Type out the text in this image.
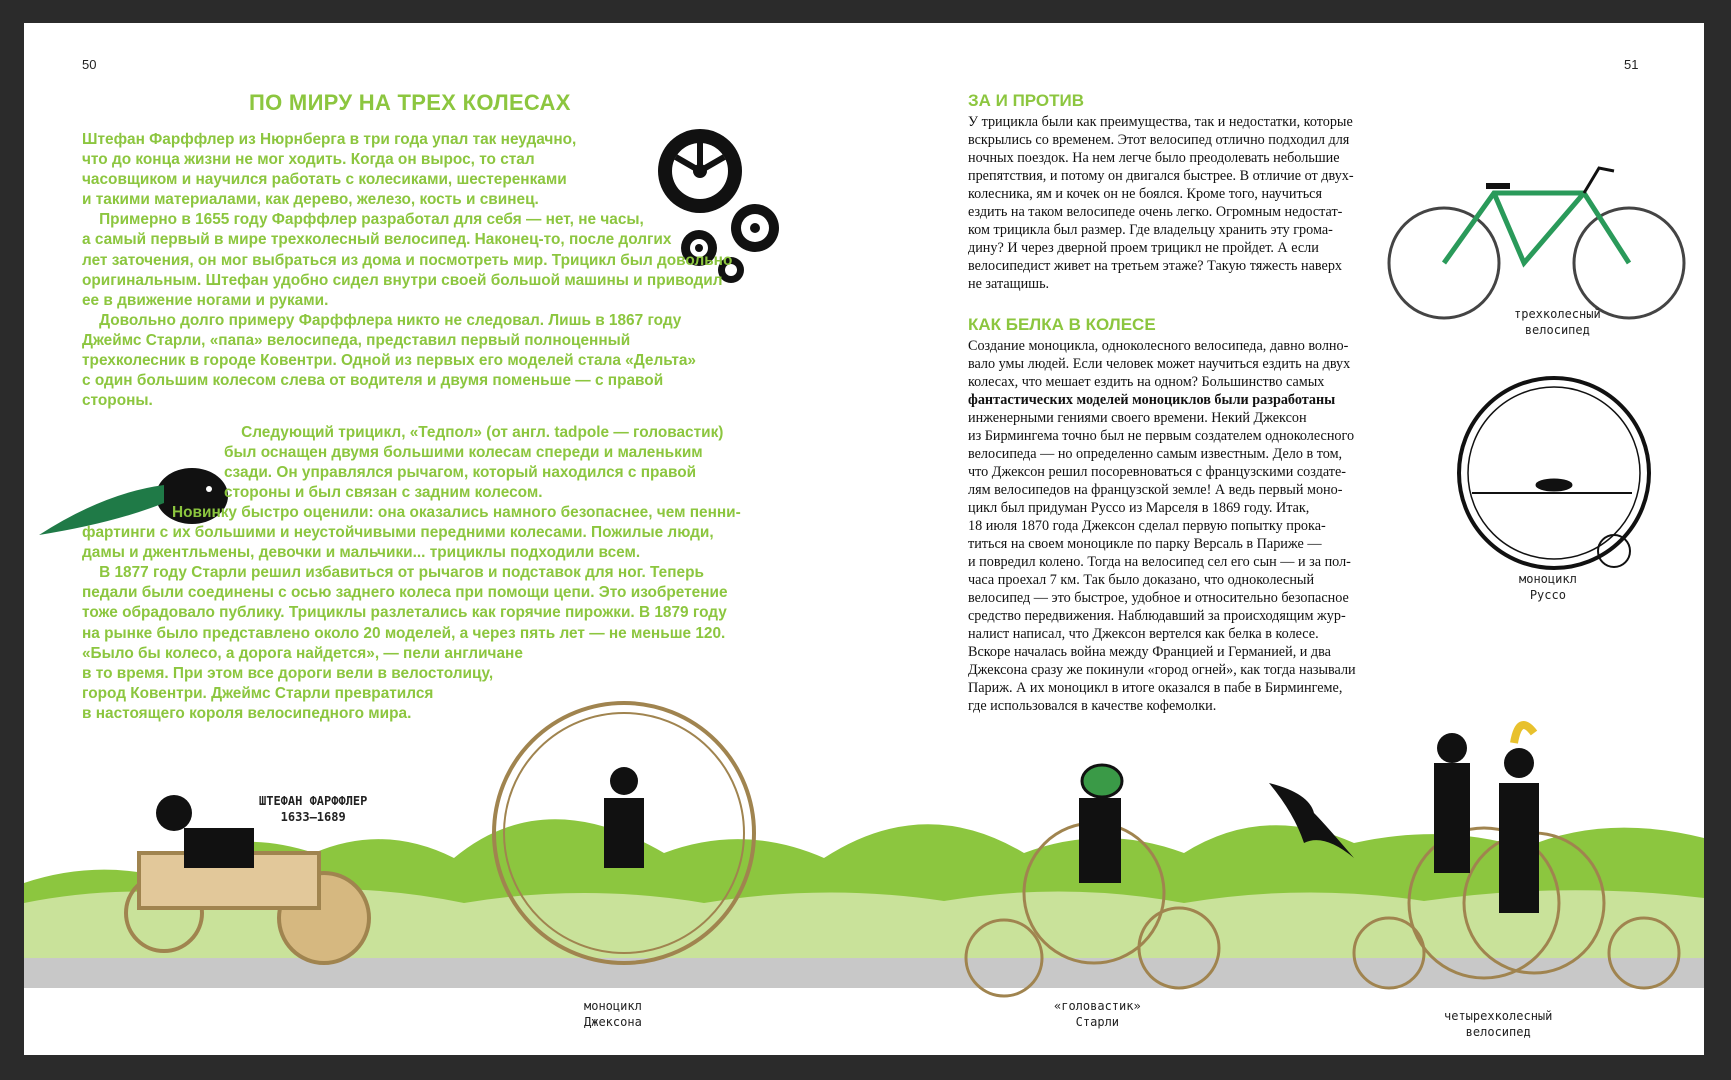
50	51
ПО МИРУ НА ТРЕХ КОЛЕСАХ
Штефан Фарффлер из Нюрнберга в три года упал так неудачно,
что до конца жизни не мог ходить. Когда он вырос, то стал
часовщиком и научился работать с колесиками, шестеренками
и такими материалами, как дерево, железо, кость и свинец.
Примерно в 1655 году Фарффлер разработал для себя — нет, не часы,
а самый первый в мире трехколесный велосипед. Наконец-то, после долгих
лет заточения, он мог выбраться из дома и посмотреть мир. Трицикл был довольно
оригинальным. Штефан удобно сидел внутри своей большой машины и приводил
ее в движение ногами и руками.
Довольно долго примеру Фарффлера никто не следовал. Лишь в 1867 году
Джеймс Старли, «папа» велосипеда, представил первый полноценный
трехколесник в городе Ковентри. Одной из первых его моделей стала «Дельта»
с один большим колесом слева от водителя и двумя поменьше — с правой
стороны.
Следующий трицикл, «Тедпол» (от англ. tadpole — головастик)
был оснащен двумя большими колесам спереди и маленьким
сзади. Он управлялся рычагом, который находился с правой
стороны и был связан с задним колесом.
Новинку быстро оценили: она оказались намного безопаснее, чем пенни-
фартинги с их большими и неустойчивыми передними колесами. Пожилые люди,
дамы и джентльмены, девочки и мальчики... трициклы подходили всем.
В 1877 году Старли решил избавиться от рычагов и подставок для ног. Теперь
педали были соединены с осью заднего колеса при помощи цепи. Это изобретение
тоже обрадовало публику. Трициклы разлетались как горячие пирожки. В 1879 году
на рынке было представлено около 20 моделей, а через пять лет — не меньше 120.
«Было бы колесо, а дорога найдется», — пели англичане
в то время. При этом все дороги вели в велостолицу,
город Ковентри. Джеймс Старли превратился
в настоящего короля велосипедного мира.
ЗА И ПРОТИВ
У трицикла были как преимущества, так и недостатки, которые
вскрылись со временем. Этот велосипед отлично подходил для
ночных поездок. На нем легче было преодолевать небольшие
препятствия, и потому он двигался быстрее. В отличие от двух-
колесника, ям и кочек он не боялся. Кроме того, научиться
ездить на таком велосипеде очень легко. Огромным недостат-
ком трицикла был размер. Где владельцу хранить эту грома-
дину? И через дверной проем трицикл не пройдет. А если
велосипедист живет на третьем этаже? Такую тяжесть наверх
не затащишь.
КАК БЕЛКА В КОЛЕСЕ
Создание моноцикла, одноколесного велосипеда, давно волно-
вало умы людей. Если человек может научиться ездить на двух
колесах, что мешает ездить на одном? Большинство самых
фантастических моделей моноциклов были разработаны
инженерными гениями своего времени. Некий Джексон
из Бирмингема точно был не первым создателем одноколесного
велосипеда — но определенно самым известным. Дело в том,
что Джексон решил посоревноваться с французскими создате-
лям велосипедов на французской земле! А ведь первый моно-
цикл был придуман Руссо из Марселя в 1869 году. Итак,
18 июля 1870 года Джексон сделал первую попытку прока-
титься на своем моноцикле по парку Версаль в Париже —
и повредил колено. Тогда на велосипед сел его сын — и за пол-
часа проехал 7 км. Так было доказано, что одноколесный
велосипед — это быстрое, удобное и относительно безопасное
средство передвижения. Наблюдавший за происходящим жур-
налист написал, что Джексон вертелся как белка в колесе.
Вскоре началась война между Францией и Германией, и два
Джексона сразу же покинули «город огней», как тогда называли
Париж. А их моноцикл в итоге оказался в пабе в Бирмингеме,
где использовался в качестве кофемолки.
ШТЕФАН ФАРФФЛЕР
1633–1689
моноцикл
Джексона
трехколесный
велосипед
моноцикл
Руссо
«головастик»
Старли	четырехколесный
велосипед
